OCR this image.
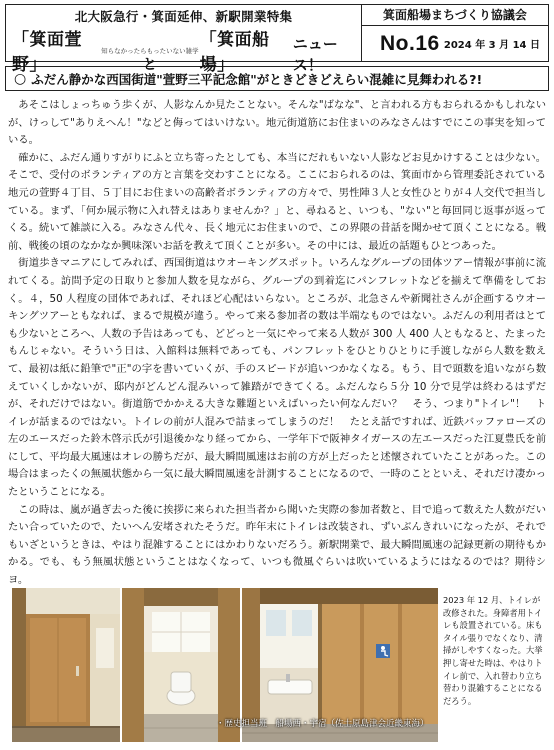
北大阪急行・箕面延伸、新駅開業特集
「箕面萱野」
知らなかったらもったいない雑学
と
「箕面船場」
ニュース！
箕面船場まちづくり協議会
No.16 2024 年 3 月 14 日
○ ふだん静かな西国街道"萱野三平記念館"がときどきどえらい混雑に見舞われる?!

あそこはしょっちゅう歩くが、人影なんか見たことない。そんな"ばなな"、と言われる方もおられるかもしれないが、けっして"ありえへん！"などと侮ってはいけない。地元街道筋にお住まいのみなさんはすでにこの事実を知っている。

確かに、ふだん通りすがりにふと立ち寄ったとしても、本当にだれもいない人影などお見かけすることは少ない。そこで、受付のボランティアの方と言葉を交わすことになる。ここにおられるのは、箕面市から管理委託されている地元の萱野４丁目、５丁目にお住まいの高齢者ボランティアの方々で、男性陣３人と女性ひとりが４人交代で担当している。まず、「何か展示物に入れ替えはありませんか？」と、尋ねると、いつも、"ない"と毎回同じ返事が返ってくる。続いて雑談に入る。みなさん代々、長く地元にお住まいので、この界隈の昔話を聞かせて頂くことになる。戦前、戦後の頃のなかなか興味深いお話を教えて頂くことが多い。その中には、最近の話題もひとつあった。

街道歩きマニアにしてみれば、西国街道はウオーキングスポット。いろんなグループの団体ツアー情報が事前に流れてくる。訪問予定の日取りと参加人数を見ながら、グループの到着迄にパンフレットなどを揃えて準備をしておく。４，50 人程度の団体であれば、それほど心配はいらない。ところが、北急さんや新聞社さんが企画するウオーキングツアーともなれば、まるで規模が違う。やって来る参加者の数は半端なものではない。ふだんの利用者はとても少ないところへ、人数の予告はあっても、どどっと一気にやって来る人数が 300 人 400 人ともなると、たまったもんじゃない。そういう日は、入館料は無料であっても、パンフレットをひとりひとりに手渡しながら人数を数えて、最初は紙に鉛筆で"正"の字を書いていくが、手のスピードが追いつかなくなる。もう、目で頭数を追いながら数えていくしかないが、邸内がどんどん混みいって雑踏ができてくる。ふだんなら５分 10 分で見学は終わるはずだが、それだけではない。街道筋でかかえる大きな難題といえばいったい何なんだい？　そう、つまり"トイレ"！　トイレが話まるのではない。トイレの前が人混みで詰まってしまうのだ！　たとえ話ですれば、近鉄バッファローズの左のエースだった鈴木啓示氏が引退後かなり経ってから、一学年下で阪神タイガースの左エースだった江夏豊氏を前にして、平均最大風速はオレの勝ちだが、最大瞬間風速はお前の方が上だったと述懐されていたことがあった。この場合はまったくの無風状態から一気に最大瞬間風速を計測することになるので、一時のことといえ、それだけ凄かったということになる。

この時は、嵐が過ぎ去った後に挨拶に来られた担当者から聞いた実際の参加者数と、目で追って数えた人数がだいたい合っていたので、たいへん安堵されたそうだ。昨年末にトイレは改装され、ずいぶんきれいになったが、それでもいざというときは、やはり混雑することにはかわりないだろう。新駅開業で、最大瞬間風速の記録更新の期待もかかる。でも、もう無風状態ということはなくなって、いつも微風ぐらいは吹いているようにはなるのでは？期待シヨ。

・歴史担当班　船場西・宇宿（佐士原島津会近畿東海）
2023 年 12 月、トイレが改修された。身障者用トイレも設置されている。床もタイル張りでなくなり、清掃がしやすくなった。大挙押し寄せた時は、やはりトイレ前で、入れ替わり立ち替わり混雑することになるだろう。
